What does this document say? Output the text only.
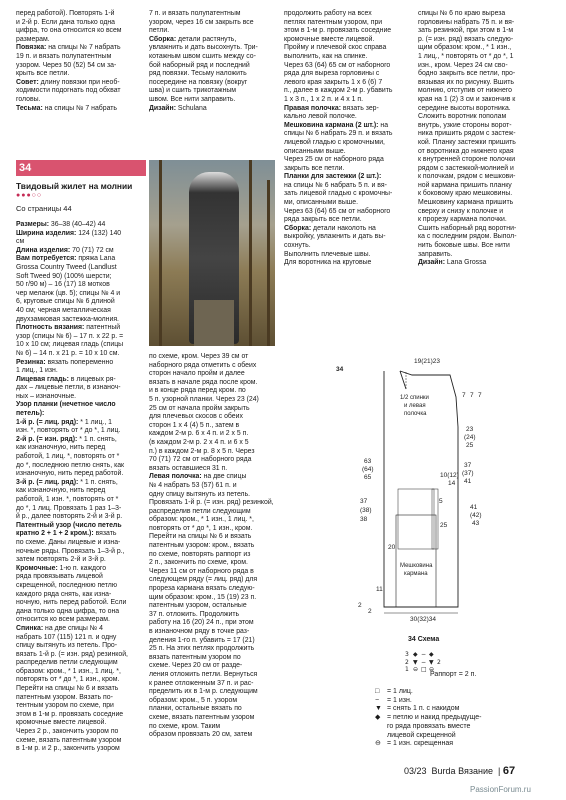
перед работой). Повторять 1-й

и 2-й р. Если дана только одна

цифра, то она относится ко всем

размерам.

Повязка: на спицы № 7 набрать

19 п. и вязать полупатентным

узором. Через 50 (52) 54 см за-

крыть все петли.

Совет: длину повязки при необ-

ходимости подогнать под обхват

головы.

Тесьма: на спицы № 7 набрать

7 п. и вязать полупатентным

узором, через 16 см закрыть все

петли.

Сборка: детали растянуть,

увлажнить и дать высохнуть. Три-

котажным швом сшить между со-

бой наборный ряд и последний

ряд повязки. Тесьму наложить

посередине на повязку (вокруг

шва) и сшить трикотажным

швом. Все нити заправить.

Дизайн: Schulana

продолжить работу на всех

петлях патентным узором, при

этом в 1-м р. провязать соседние

кромочные вместе лицевой.

Пройму и плечевой скос справа

выполнить, как на спинке.

Через 63 (64) 65 см от наборного

ряда для выреза горловины с

левого края закрыть 1 x 6 (6) 7

п., далее в каждом 2-м р. убавить

1 x 3 п., 1 x 2 п. и 4 x 1 п.

Правая полочка: вязать зер-

кально левой полочке.

Мешковина кармана (2 шт.): на

спицы № 6 набрать 29 п. и вязать

лицевой гладью с кромочными,

описанными выше.

Через 25 см от наборного ряда

закрыть все петли.

Планки для застежки (2 шт.):

на спицы № 6 набрать 5 п. и вя-

зать лицевой гладью с кромочны-

ми, описанными выше.

Через 63 (64) 65 см от наборного

ряда закрыть все петли.

Сборка: детали наколоть на

выкройку, увлажнить и дать вы-

сохнуть.

Выполнить плечевые швы.

Для воротника на круговые

спицы № 6 по краю выреза

горловины набрать 75 п. и вя-

зать резинкой, при этом в 1-м

р. (= изн. ряд) вязать следую-

щим образом: кром., * 1 изн.,

1 лиц., * повторять от * до *, 1

изн., кром. Через 24 см сво-

бодно закрыть все петли, про-

вязывая их по рисунку. Вшить

молнию, отступив от нижнего

края на 1 (2) 3 см и закончив к

середине высоты воротника.

Сложить воротник пополам

внутрь, узкие стороны ворот-

ника пришить рядом с застеж-

кой. Планку застежки пришить

от воротника до нижнего края

к внутренней стороне полочки

рядом с застежкой-молнией и

к полочкам, рядом с мешкови-

ной кармана пришить планку

к боковому краю мешковины.

Мешковину кармана пришить

сверху и снизу к полочке и

к прорезу кармана полочки.

Сшить наборный ряд воротни-

ка с последним рядом. Выпол-

нить боковые швы. Все нити

заправить.

Дизайн: Lana Grossa

34
Твидовый жилет на молнии
●●●○○
Со страницы 44

Размеры: 36–38 (40–42) 44

Ширина изделия: 124 (132) 140

см

Длина изделия: 70 (71) 72 см

Вам потребуется: пряжа Lana

Grossa Country Tweed (Landlust

Soft Tweed 90) (100% шерсти;

50 г/90 м) – 16 (17) 18 мотков

чер меланж (цв. 5); спицы № 4 и

6, круговые спицы № 6 длиной

40 см; черная металлическая

двухзамковая застежка-молния.

Плотность вязания: патентный

узор (спицы № 6) – 17 п. x 22 р. =

10 x 10 см; лицевая гладь (спицы

№ 6) – 14 п. x 21 р. = 10 x 10 см.

Резинка: вязать попеременно

1 лиц., 1 изн.

Лицевая гладь: в лицевых ря-

дах – лицевые петли, в изнаноч-

ных – изнаночные.

Узор планки (нечетное число

петель):

1-й р. (= лиц. ряд): * 1 лиц., 1

изн. *, повторять от * до *, 1 лиц.

2-й р. (= изн. ряд): * 1 п. снять,

как изнаночную, нить перед

работой, 1 лиц. *, повторять от *

до *, последнюю петлю снять, как

изнаночную, нить перед работой.

3-й р. (= лиц. ряд): * 1 п. снять,

как изнаночную, нить перед

работой, 1 изн. *, повторять от *

до *, 1 лиц. Провязать 1 раз 1–3-

й р., далее повторять 2-й и 3-й р.

Патентный узор (число петель

кратно 2 + 1 + 2 кром.): вязать

по схеме. Даны лицевые и изна-

ночные ряды. Провязать 1–3-й р.,

затем повторять 2-й и 3-й р.

Кромочные: 1-ю п. каждого

ряда провязывать лицевой

скрещенной, последнюю петлю

каждого ряда снять, как изна-

ночную, нить перед работой. Если

дана только одна цифра, то она

относится ко всем размерам.

Спинка: на две спицы № 4

набрать 107 (115) 121 п. и одну

спицу вытянуть из петель. Про-

вязать 1-й р. (= изн. ряд) резинкой,

распределив петли следующим

образом: кром., * 1 изн., 1 лиц. *,

повторять от * до *, 1 изн., кром.

Перейти на спицы № 6 и вязать

патентным узором. Вязать по-

тентным узором по схеме, при

этом в 1-м р. провязать соседние

кромочные вместе лицевой.

Через 2 р., закончить узором по

схеме, вязать патентным узором

в 1-м р. и 2 р., закончить узором

по схеме, кром. Через 39 см от

наборного ряда отметить с обеих

сторон начало пройм и далее

вязать в начале ряда после кром.

и в конце ряда перед кром. по

5 п. узорной планки. Через 23 (24)

25 см от начала пройм закрыть

для плечевых скосов с обеих

сторон 1 x 4 (4) 5 п., затем в

каждом 2-м р. 6 x 4 п. и 2 x 5 п.

(в каждом 2-м р. 2 x 4 п. и 6 x 5

п.) в каждом 2-м р. 8 x 5 п. Через

70 (71) 72 см от наборного ряда

вязать оставшиеся 31 п.

Левая полочка: на две спицы

№ 4 набрать 53 (57) 61 п. и

одну спицу вытянуть из петель.

Провязать 1-й р. (= изн. ряд) резинкой,

распределив петли следующим

образом: кром., * 1 изн., 1 лиц. *,

повторять от * до *, 1 изн., кром.

Перейти на спицы № 6 и вязать

патентным узором: кром., вязать

по схеме, повторять раппорт из

2 п., закончить по схеме, кром.

Через 11 см от наборного ряда в

следующем ряду (= лиц. ряд) для

прореза кармана вязать следую-

щим образом: кром., 15 (19) 23 п.

патентным узором, остальные

37 п. отложить. Продолжить

работу на 16 (20) 24 п., при этом

в изнаночном ряду в точке раз-

деления 1-го п. убавить = 17 (21)

25 п. На этих петлях продолжить

вязать патентным узором по

схеме. Через 20 см от разде-

ления отложить петли. Вернуться

к ранее отложенным 37 п. и рас-

пределить их в 1-м р. следующим

образом: кром., 5 п. узором

планки, остальные вязать по

схеме, вязать патентным узором

по схеме, кром. Таким

образом провязать 20 см, затем

34
19(21)23
1/2 спинки
и левая
полочка
63
(64)
65
23
(24)
25
10(12)
14
37
(37)
41
5
41
(42)
43
37
(38)
38
20
25
Мешковина
кармана
11
2
30(32)34
2
7 7 7
34 Схема
3 ◆ − ◆
2 ▼ − ▼ 2
1 ⊖ □ ⊖
Раппорт = 2 п.
□ = 1 лиц.
− = 1 изн.
▼ = снять 1 п. с накидом
◆ = петлю и накид предыдуще-
го ряда провязать вместе
лицевой скрещенной
⊖ = 1 изн. скрещенная
03/23 Burda Вязание  | 67
PassionForum.ru
